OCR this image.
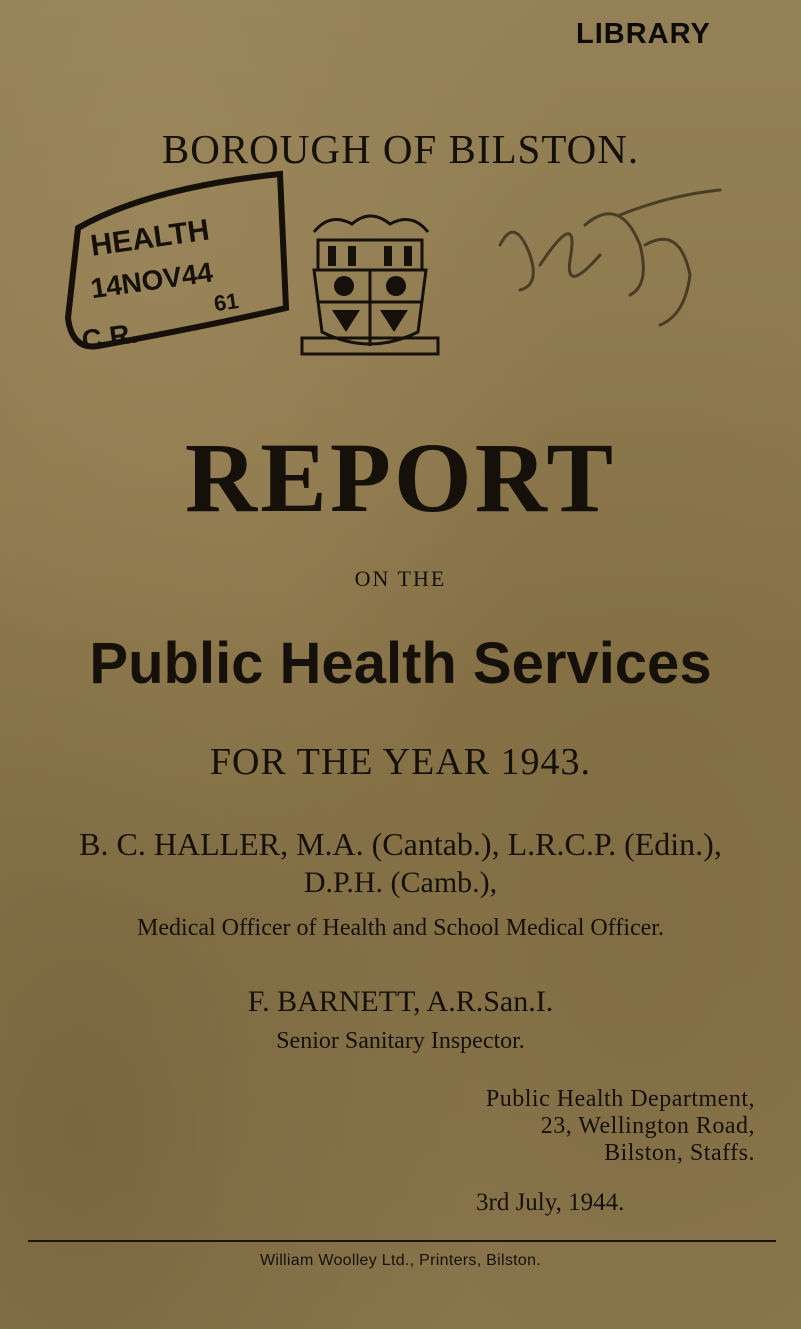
LIBRARY
BOROUGH OF BILSTON.
HEALTH
14NOV44
61
C.R.
REPORT
ON THE
Public Health Services
FOR THE YEAR 1943.
B. C. HALLER, M.A. (Cantab.), L.R.C.P. (Edin.),
D.P.H. (Camb.),
Medical Officer of Health and School Medical Officer.
F. BARNETT, A.R.San.I.
Senior Sanitary Inspector.
Public Health Department,
23, Wellington Road,
Bilston, Staffs.
3rd July, 1944.
William Woolley Ltd., Printers, Bilston.
